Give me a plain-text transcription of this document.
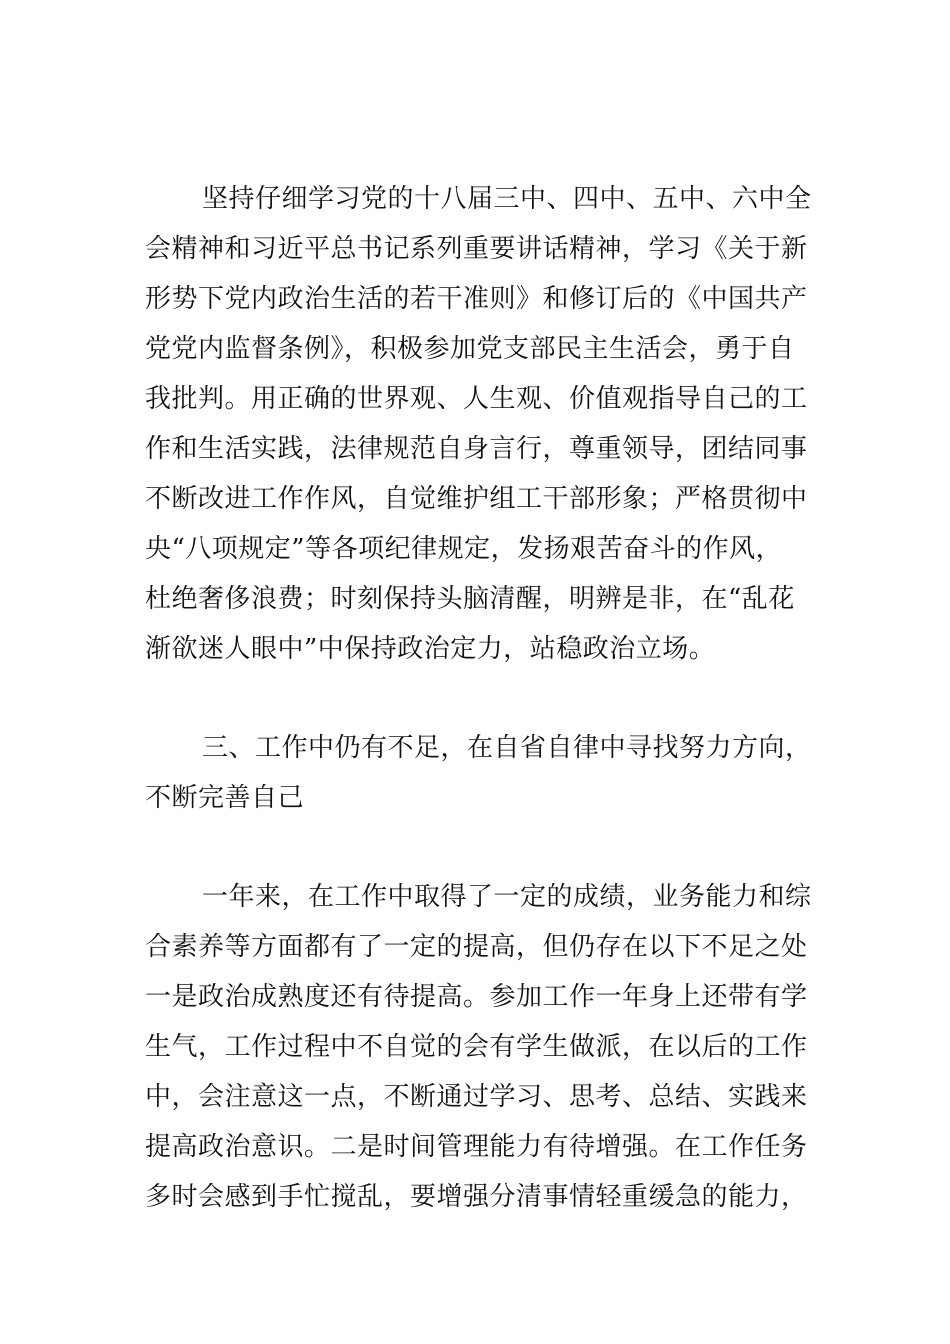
坚持仔细学习党的十八届三中、四中、五中、六中全
会精神和习近平总书记系列重要讲话精神，学习《关于新
形势下党内政治生活的若干准则》和修订后的《中国共产
党党内监督条例》，积极参加党支部民主生活会，勇于自
我批判。用正确的世界观、人生观、价值观指导自己的工
作和生活实践，法律规范自身言行，尊重领导，团结同事
不断改进工作作风，自觉维护组工干部形象；严格贯彻中
央“八项规定”等各项纪律规定，发扬艰苦奋斗的作风，
杜绝奢侈浪费；时刻保持头脑清醒，明辨是非，在“乱花
渐欲迷人眼中”中保持政治定力，站稳政治立场。

三、工作中仍有不足，在自省自律中寻找努力方向，
不断完善自己

一年来，在工作中取得了一定的成绩，业务能力和综
合素养等方面都有了一定的提高，但仍存在以下不足之处
一是政治成熟度还有待提高。参加工作一年身上还带有学
生气，工作过程中不自觉的会有学生做派，在以后的工作
中，会注意这一点，不断通过学习、思考、总结、实践来
提高政治意识。二是时间管理能力有待增强。在工作任务
多时会感到手忙搅乱，要增强分清事情轻重缓急的能力，
